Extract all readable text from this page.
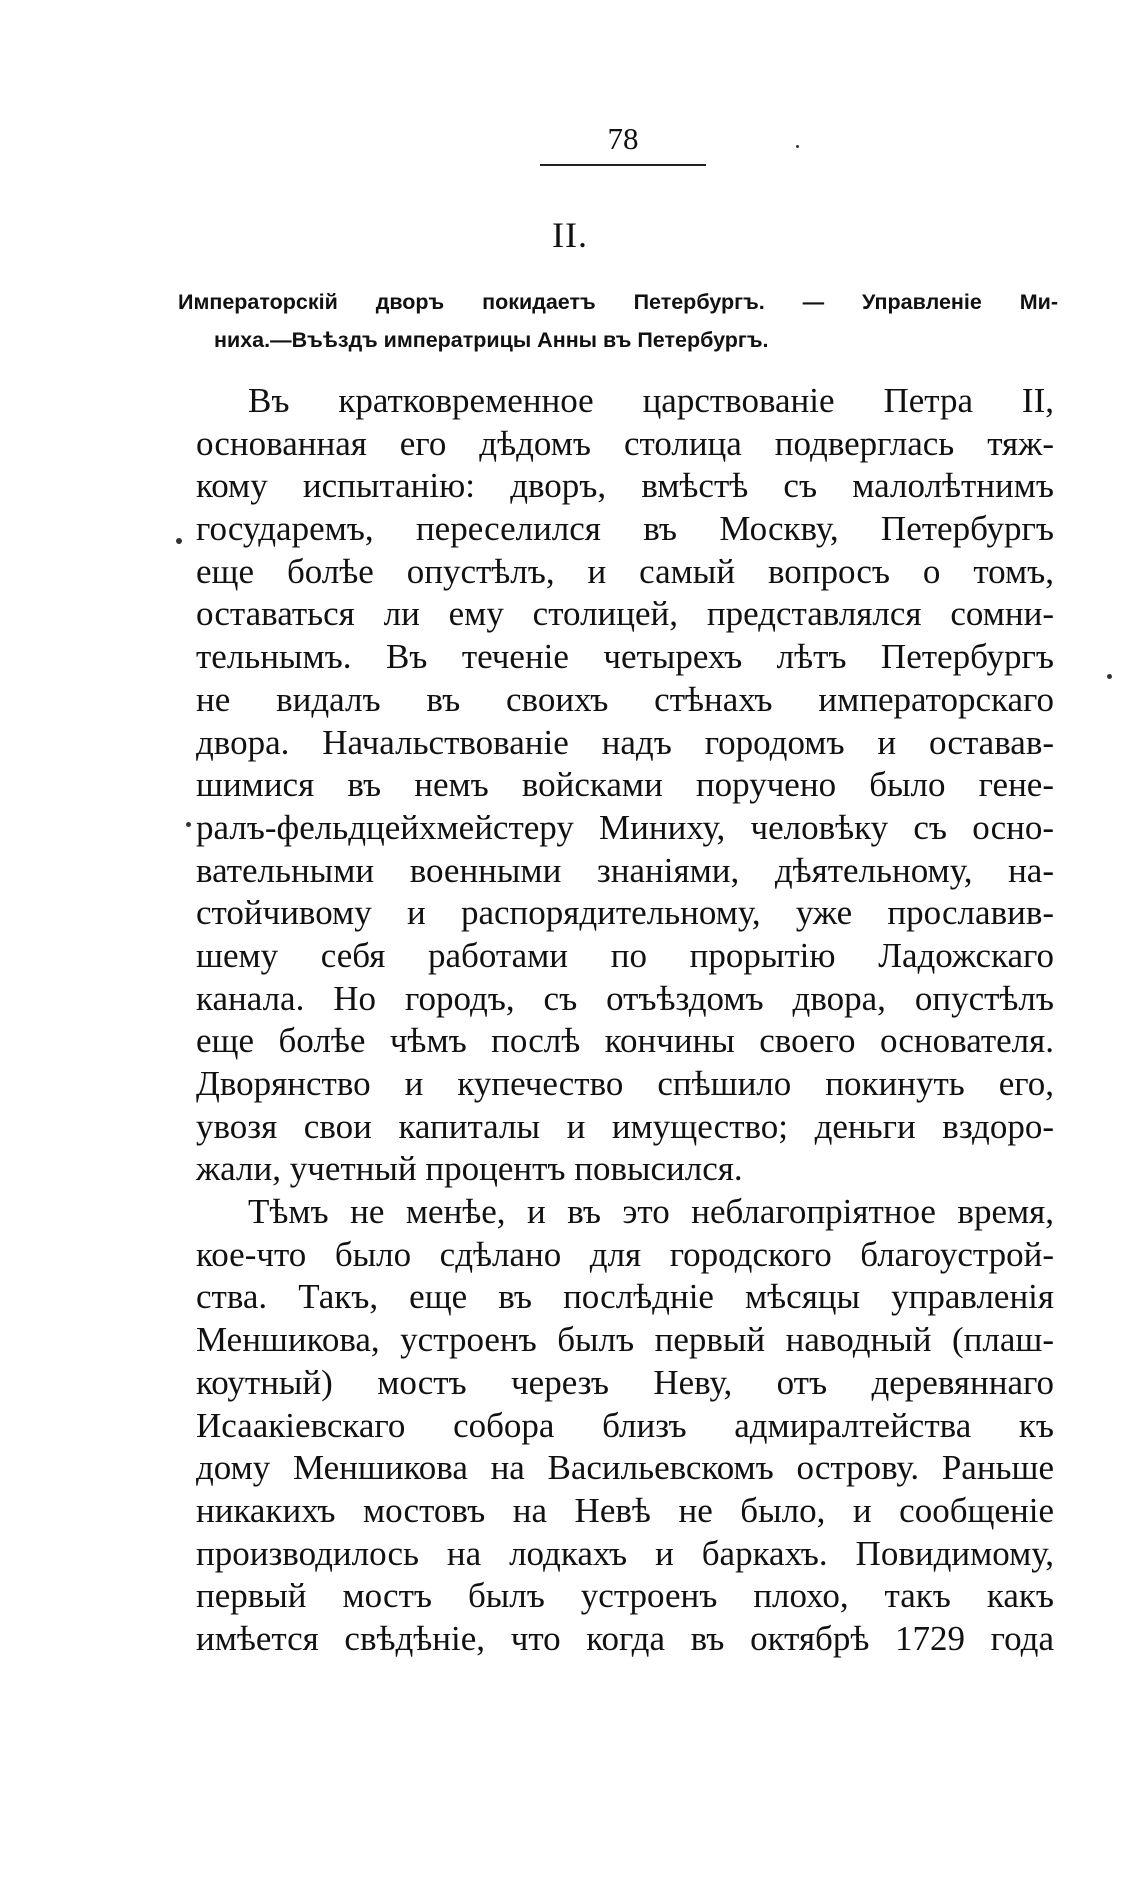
78
II.
Императорскій дворъ покидаетъ Петербургъ. — Управленіе Ми-
ниха.—Въѣздъ императрицы Анны въ Петербургъ.
Въ кратковременное царствованіе Петра II,
основанная его дѣдомъ столица подверглась тяж-
кому испытанію: дворъ, вмѣстѣ съ малолѣтнимъ
государемъ, переселился въ Москву, Петербургъ
еще болѣе опустѣлъ, и самый вопросъ о томъ,
оставаться ли ему столицей, представлялся сомни-
тельнымъ. Въ теченіе четырехъ лѣтъ Петербургъ
не видалъ въ своихъ стѣнахъ императорскаго
двора. Начальствованіе надъ городомъ и оставав-
шимися въ немъ войсками поручено было гене-
ралъ-фельдцейхмейстеру Миниху, человѣку съ осно-
вательными военными знаніями, дѣятельному, на-
стойчивому и распорядительному, уже прославив-
шему себя работами по прорытію Ладожскаго
канала. Но городъ, съ отъѣздомъ двора, опустѣлъ
еще болѣе чѣмъ послѣ кончины своего основателя.
Дворянство и купечество спѣшило покинуть его,
увозя свои капиталы и имущество; деньги вздоро-
жали, учетный процентъ повысился.
Тѣмъ не менѣе, и въ это неблагопріятное время,
кое-что было сдѣлано для городского благоустрой-
ства. Такъ, еще въ послѣдніе мѣсяцы управленія
Меншикова, устроенъ былъ первый наводный (плаш-
коутный) мостъ черезъ Неву, отъ деревяннаго
Исаакіевскаго собора близъ адмиралтейства къ
дому Меншикова на Васильевскомъ острову. Раньше
никакихъ мостовъ на Невѣ не было, и сообщеніе
производилось на лодкахъ и баркахъ. Повидимому,
первый мостъ былъ устроенъ плохо, такъ какъ
имѣется свѣдѣніе, что когда въ октябрѣ 1729 года
